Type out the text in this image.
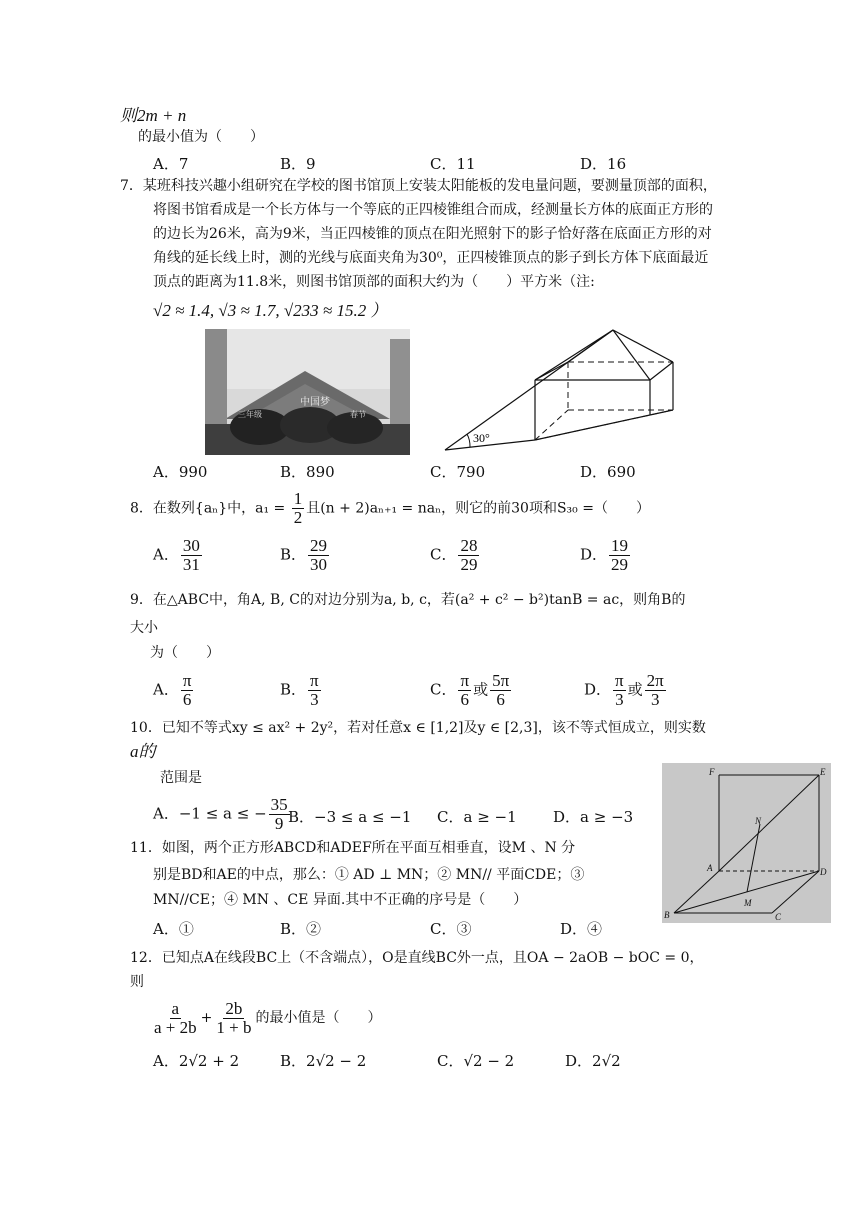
则2m + n
的最小值为（　　）
A．7	B．9	C．11	D．16
7．某班科技兴趣小组研究在学校的图书馆顶上安装太阳能板的发电量问题，要测量顶部的面积，
将图书馆看成是一个长方体与一个等底的正四棱锥组合而成，经测量长方体的底面正方形的
的边长为26米，高为9米，当正四棱锥的顶点在阳光照射下的影子恰好落在底面正方形的对
角线的延长线上时，测的光线与底面夹角为30⁰，正四棱锥顶点的影子到长方体下底面最近
顶点的距离为11.8米，则图书馆顶部的面积大约为（　　）平方米（注:
√2 ≈ 1.4, √3 ≈ 1.7, √233 ≈ 15.2 ）
中国梦
三年级	春节
30°
A．990	B．890	C．790	D．690
8．在数列{aₙ}中，$a_1 = \frac{1}{2}$ 且(n + 2)aₙ₊₁ = naₙ，则它的前30项和S₃₀ =（　　）
A． $\frac{30}{31}$	B． $\frac{29}{30}$	C． $\frac{28}{29}$	D． $\frac{19}{29}$
9．在△ABC中，角A, B, C的对边分别为a, b, c，若(a² + c² − b²)tanB = ac，则角B的
大小
为（　　）
A． $\frac{\pi}{6}$	B． $\frac{\pi}{3}$	C． $\frac{\pi}{6}$ 或 $\frac{5\pi}{6}$	D． $\frac{\pi}{3}$ 或 $\frac{2\pi}{3}$
10．已知不等式xy ≤ ax² + 2y²，若对任意x ∈ [1,2]及y ∈ [2,3]，该不等式恒成立，则实数
a的
范围是
A．−1 ≤ a ≤ − $\frac{35}{9}$
B．−3 ≤ a ≤ −1 C．a ≥ −1 D．a ≥ −3
F	E
N
A	D
M
B	C
11．如图，两个正方形ABCD和ADEF所在平面互相垂直，设M 、N 分
别是BD和AE的中点，那么：① AD ⊥ MN；② MN// 平面CDE；③
MN//CE；④ MN 、CE 异面.其中不正确的序号是（　　）
A．①	B．②	C．③	D．④
12．已知点A在线段BC上（不含端点），O是直线BC外一点，且OA − 2aOB − bOC = 0，
则
$\frac{a}{a + 2b} + \frac{2b}{1 + b}$ 的最小值是（　　）
A．2√2 + 2	B．2√2 − 2	C．√2 − 2	D．2√2
